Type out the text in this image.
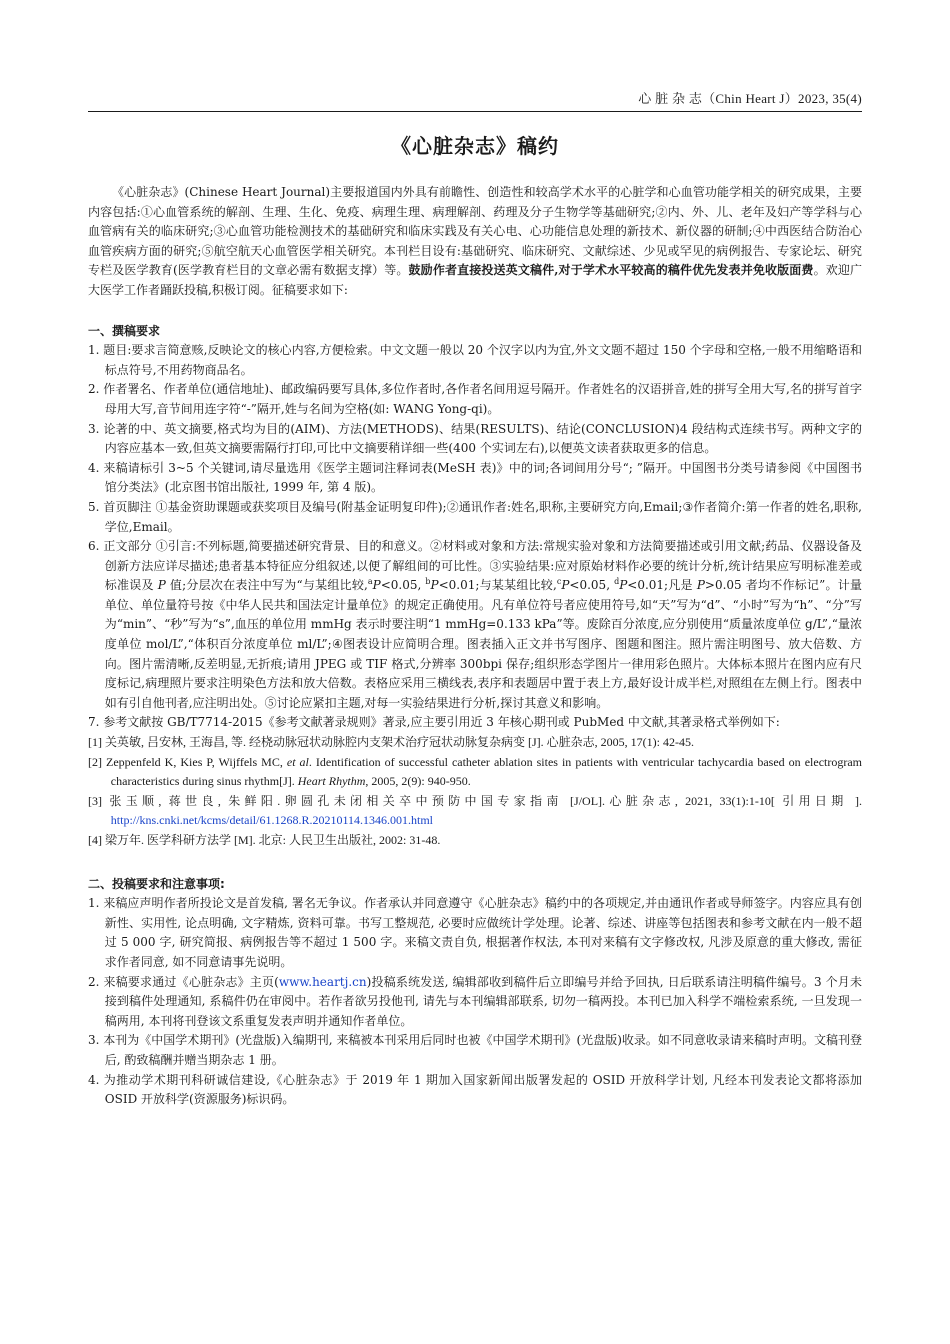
心 脏 杂 志（Chin Heart J）2023, 35(4)
《心脏杂志》稿约

《心脏杂志》(Chinese Heart Journal)主要报道国内外具有前瞻性、创造性和较高学术水平的心脏学和心血管功能学相关的研究成果，主要内容包括:①心血管系统的解剖、生理、生化、免疫、病理生理、病理解剖、药理及分子生物学等基础研究;②内、外、儿、老年及妇产等学科与心血管病有关的临床研究;③心血管功能检测技术的基础研究和临床实践及有关心电、心功能信息处理的新技术、新仪器的研制;④中西医结合防治心血管疾病方面的研究;⑤航空航天心血管医学相关研究。本刊栏目设有:基础研究、临床研究、文献综述、少见或罕见的病例报告、专家论坛、研究专栏及医学教育(医学教育栏目的文章必需有数据支撑）等。鼓励作者直接投送英文稿件,对于学术水平较高的稿件优先发表并免收版面费。欢迎广大医学工作者踊跃投稿,积极订阅。征稿要求如下:

一、撰稿要求

1. 题目:要求言简意赅,反映论文的核心内容,方便检索。中文文题一般以 20 个汉字以内为宜,外文文题不超过 150 个字母和空格,一般不用缩略语和标点符号,不用药物商品名。

2. 作者署名、作者单位(通信地址)、邮政编码要写具体,多位作者时,各作者名间用逗号隔开。作者姓名的汉语拼音,姓的拼写全用大写,名的拼写首字母用大写,音节间用连字符“-”隔开,姓与名间为空格(如: WANG Yong-qi)。

3. 论著的中、英文摘要,格式均为目的(AIM)、方法(METHODS)、结果(RESULTS)、结论(CONCLUSION)4 段结构式连续书写。两种文字的内容应基本一致,但英文摘要需隔行打印,可比中文摘要稍详细一些(400 个实词左右),以便英文读者获取更多的信息。

4. 来稿请标引 3~5 个关键词,请尽量选用《医学主题词注释词表(MeSH 表)》中的词;各词间用分号“; ”隔开。中国图书分类号请参阅《中国图书馆分类法》(北京图书馆出版社, 1999 年, 第 4 版)。

5. 首页脚注 ①基金资助课题或获奖项目及编号(附基金证明复印件);②通讯作者:姓名,职称,主要研究方向,Email;③作者简介:第一作者的姓名,职称,学位,Email。

6. 正文部分 ①引言:不列标题,简要描述研究背景、目的和意义。②材料或对象和方法:常规实验对象和方法简要描述或引用文献;药品、仪器设备及创新方法应详尽描述;患者基本特征应分组叙述,以便了解组间的可比性。③实验结果:应对原始材料作必要的统计分析,统计结果应写明标准差或标准误及 P 值;分层次在表注中写为“与某组比较,$^a$P<0.05, $^b$P<0.01;与某某组比较,$^c$P<0.05, $^d$P<0.01;凡是 P>0.05 者均不作标记”。计量单位、单位量符号按《中华人民共和国法定计量单位》的规定正确使用。凡有单位符号者应使用符号,如“天”写为“d”、“小时”写为“h”、“分”写为“min”、“秒”写为“s”,血压的单位用 mmHg 表示时要注明“1 mmHg=0.133 kPa”等。废除百分浓度,应分别使用“质量浓度单位 g/L”,“量浓度单位 mol/L”,“体积百分浓度单位 ml/L”;④图表设计应简明合理。图表插入正文并书写图序、图题和图注。照片需注明图号、放大倍数、方向。图片需清晰,反差明显,无折痕;请用 JPEG 或 TIF 格式,分辨率 300bpi 保存;组织形态学图片一律用彩色照片。大体标本照片在图内应有尺度标记,病理照片要求注明染色方法和放大倍数。表格应采用三横线表,表序和表题居中置于表上方,最好设计成半栏,对照组在左侧上行。图表中如有引自他刊者,应注明出处。⑤讨论应紧扣主题,对每一实验结果进行分析,探讨其意义和影响。

7. 参考文献按 GB/T7714-2015《参考文献著录规则》著录,应主要引用近 3 年核心期刊或 PubMed 中文献,其著录格式举例如下:

[1] 关英敏, 吕安林, 王海昌, 等. 经桡动脉冠状动脉腔内支架术治疗冠状动脉复杂病变 [J]. 心脏杂志, 2005, 17(1): 42-45.

[2] Zeppenfeld K, Kies P, Wijffels MC, et al. Identification of successful catheter ablation sites in patients with ventricular tachycardia based on electrogram characteristics during sinus rhythm[J]. Heart Rhythm, 2005, 2(9): 940-950.

[3] 张玉顺, 蒋世良, 朱鲜阳.卵圆孔未闭相关卒中预防中国专家指南 [J/OL].心脏杂志, 2021, 33(1):1-10[ 引用日期 ]. http://kns.cnki.net/kcms/detail/61.1268.R.20210114.1346.001.html

[4] 梁万年. 医学科研方法学 [M]. 北京: 人民卫生出版社, 2002: 31-48.

二、投稿要求和注意事项:

1. 来稿应声明作者所投论文是首发稿, 署名无争议。作者承认并同意遵守《心脏杂志》稿约中的各项规定,并由通讯作者或导师签字。内容应具有创新性、实用性, 论点明确, 文字精炼, 资料可靠。书写工整规范, 必要时应做统计学处理。论著、综述、讲座等包括图表和参考文献在内一般不超过 5 000 字, 研究简报、病例报告等不超过 1 500 字。来稿文责自负, 根据著作权法, 本刊对来稿有文字修改权, 凡涉及原意的重大修改, 需征求作者同意, 如不同意请事先说明。

2. 来稿要求通过《心脏杂志》主页(www.heartj.cn)投稿系统发送, 编辑部收到稿件后立即编号并给予回执, 日后联系请注明稿件编号。3 个月未接到稿件处理通知, 系稿件仍在审阅中。若作者欲另投他刊, 请先与本刊编辑部联系, 切勿一稿两投。本刊已加入科学不端检索系统, 一旦发现一稿两用, 本刊将刊登该文系重复发表声明并通知作者单位。

3. 本刊为《中国学术期刊》(光盘版)入编期刊, 来稿被本刊采用后同时也被《中国学术期刊》(光盘版)收录。如不同意收录请来稿时声明。文稿刊登后, 酌致稿酬并赠当期杂志 1 册。

4. 为推动学术期刊科研诚信建设,《心脏杂志》于 2019 年 1 期加入国家新闻出版署发起的 OSID 开放科学计划, 凡经本刊发表论文都将添加 OSID 开放科学(资源服务)标识码。
